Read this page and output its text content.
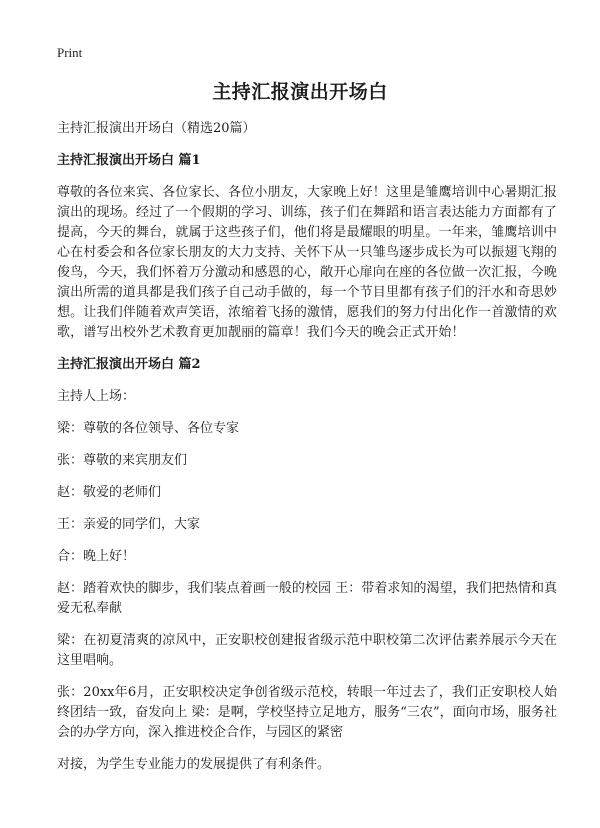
Print
主持汇报演出开场白

主持汇报演出开场白（精选20篇）

主持汇报演出开场白 篇1

尊敬的各位来宾、各位家长、各位小朋友，大家晚上好！这里是雏鹰培训中心暑期汇报演出的现场。经过了一个假期的学习、训练，孩子们在舞蹈和语言表达能力方面都有了提高，今天的舞台，就属于这些孩子们，他们将是最耀眼的明星。一年来，雏鹰培训中心在村委会和各位家长朋友的大力支持、关怀下从一只雏鸟逐步成长为可以振翅飞翔的俊鸟，今天，我们怀着万分激动和感恩的心，敞开心扉向在座的各位做一次汇报，今晚演出所需的道具都是我们孩子自己动手做的，每一个节目里都有孩子们的汗水和奇思妙想。让我们伴随着欢声笑语，浓缩着飞扬的激情，愿我们的努力付出化作一首激情的欢歌，谱写出校外艺术教育更加靓丽的篇章！我们今天的晚会正式开始！

主持汇报演出开场白 篇2

主持人上场：

梁：尊敬的各位领导、各位专家

张：尊敬的来宾朋友们

赵：敬爱的老师们

王：亲爱的同学们，大家

合：晚上好！

赵：踏着欢快的脚步，我们装点着画一般的校园 王：带着求知的渴望，我们把热情和真爱无私奉献

梁：在初夏清爽的凉风中，正安职校创建报省级示范中职校第二次评估素养展示今天在这里唱响。

张：20xx年6月，正安职校决定争创省级示范校，转眼一年过去了，我们正安职校人始终团结一致，奋发向上 梁：是啊，学校坚持立足地方，服务“三农”，面向市场，服务社会的办学方向，深入推进校企合作，与园区的紧密

对接，为学生专业能力的发展提供了有利条件。
